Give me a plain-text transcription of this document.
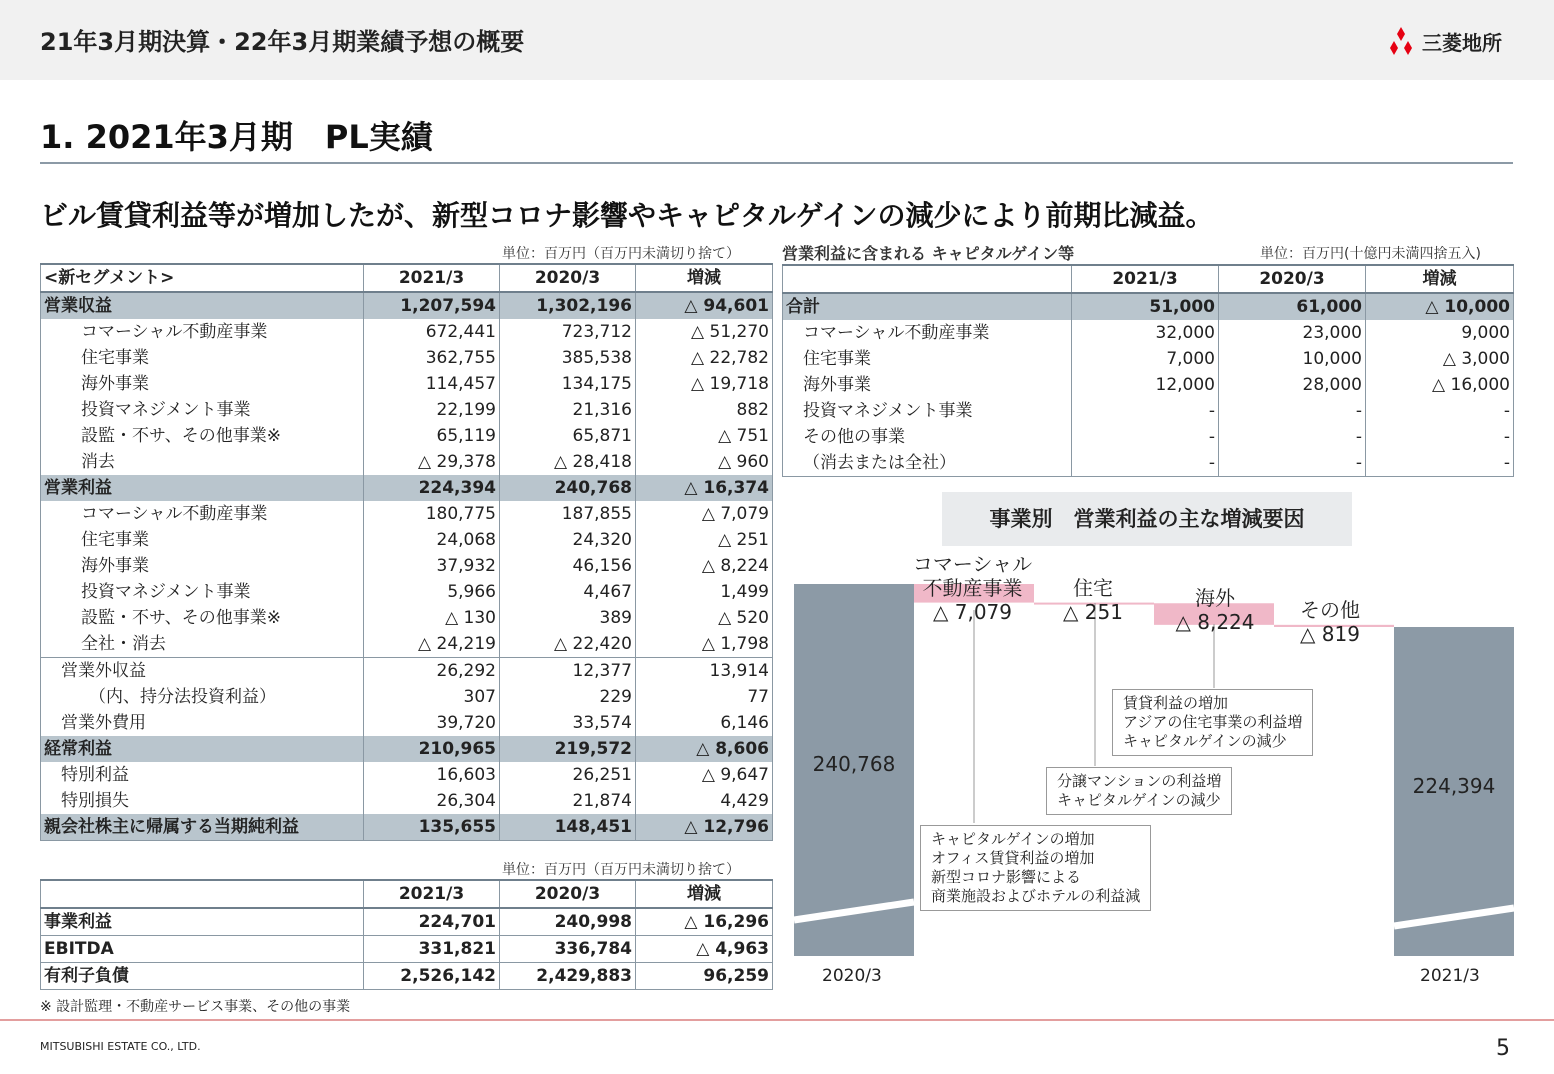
21年3月期決算・22年3月期業績予想の概要	三菱地所
1. 2021年3月期　PL実績
ビル賃貸利益等が増加したが、新型コロナ影響やキャピタルゲインの減少により前期比減益。
単位：百万円（百万円未満切り捨て）
<新セグメント>	2021/3	2020/3	増減
営業収益	1,207,594	1,302,196	△ 94,601
コマーシャル不動産事業	672,441	723,712	△ 51,270
住宅事業	362,755	385,538	△ 22,782
海外事業	114,457	134,175	△ 19,718
投資マネジメント事業	22,199	21,316	882
設監・不サ、その他事業※	65,119	65,871	△ 751
消去	△ 29,378	△ 28,418	△ 960
営業利益	224,394	240,768	△ 16,374
コマーシャル不動産事業	180,775	187,855	△ 7,079
住宅事業	24,068	24,320	△ 251
海外事業	37,932	46,156	△ 8,224
投資マネジメント事業	5,966	4,467	1,499
設監・不サ、その他事業※	△ 130	389	△ 520
全社・消去	△ 24,219	△ 22,420	△ 1,798
営業外収益	26,292	12,377	13,914
（内、持分法投資利益）	307	229	77
営業外費用	39,720	33,574	6,146
経常利益	210,965	219,572	△ 8,606
特別利益	16,603	26,251	△ 9,647
特別損失	26,304	21,874	4,429
親会社株主に帰属する当期純利益	135,655	148,451	△ 12,796
単位：百万円（百万円未満切り捨て）
	2021/3	2020/3	増減
事業利益	224,701	240,998	△ 16,296
EBITDA	331,821	336,784	△ 4,963
有利子負債	2,526,142	2,429,883	96,259
営業利益に含まれる キャピタルゲイン等	単位：百万円(十億円未満四捨五入)
	2021/3	2020/3	増減
合計	51,000	61,000	△ 10,000
コマーシャル不動産事業	32,000	23,000	9,000
住宅事業	7,000	10,000	△ 3,000
海外事業	12,000	28,000	△ 16,000
投資マネジメント事業	-	-	-
その他の事業	-	-	-
（消去または全社）	-	-	-
事業別　営業利益の主な増減要因
コマーシャル
不動産事業
△ 7,079
住宅
△ 251
海外
△ 8,224	その他
△ 819
240,768
224,394
賃貸利益の増加
アジアの住宅事業の利益増
キャピタルゲインの減少
分譲マンションの利益増
キャピタルゲインの減少
キャピタルゲインの増加
オフィス賃貸利益の増加
新型コロナ影響による
商業施設およびホテルの利益減
2020/3	2021/3
※ 設計監理・不動産サービス事業、その他の事業
MITSUBISHI ESTATE CO., LTD.	5
